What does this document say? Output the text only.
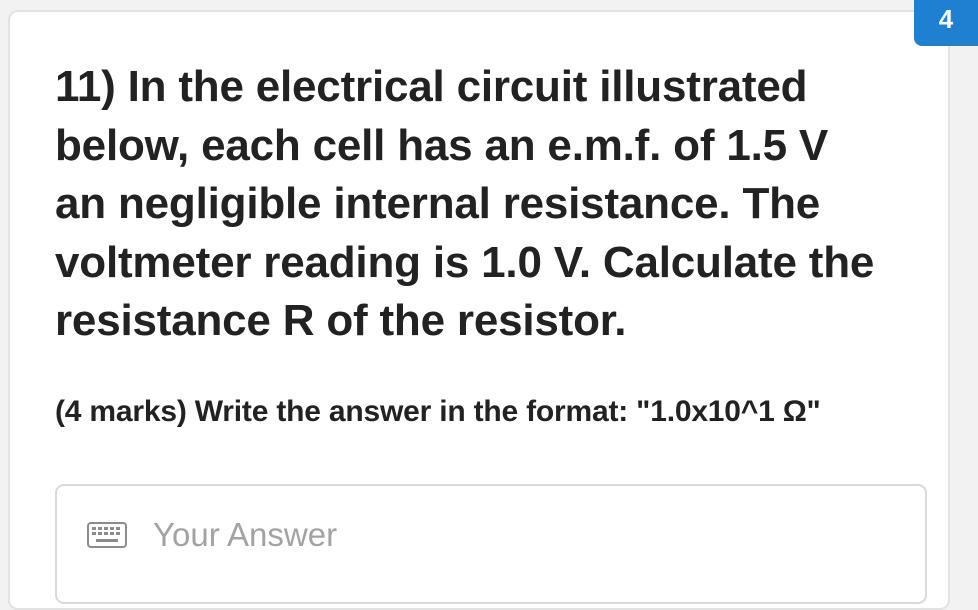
11) In the electrical circuit illustrated below, each cell has an e.m.f. of 1.5 V an negligible internal resistance. The voltmeter reading is 1.0 V. Calculate the resistance R of the resistor.

(4 marks) Write the answer in the format: "1.0x10^1 Ω"

Your Answer
4
